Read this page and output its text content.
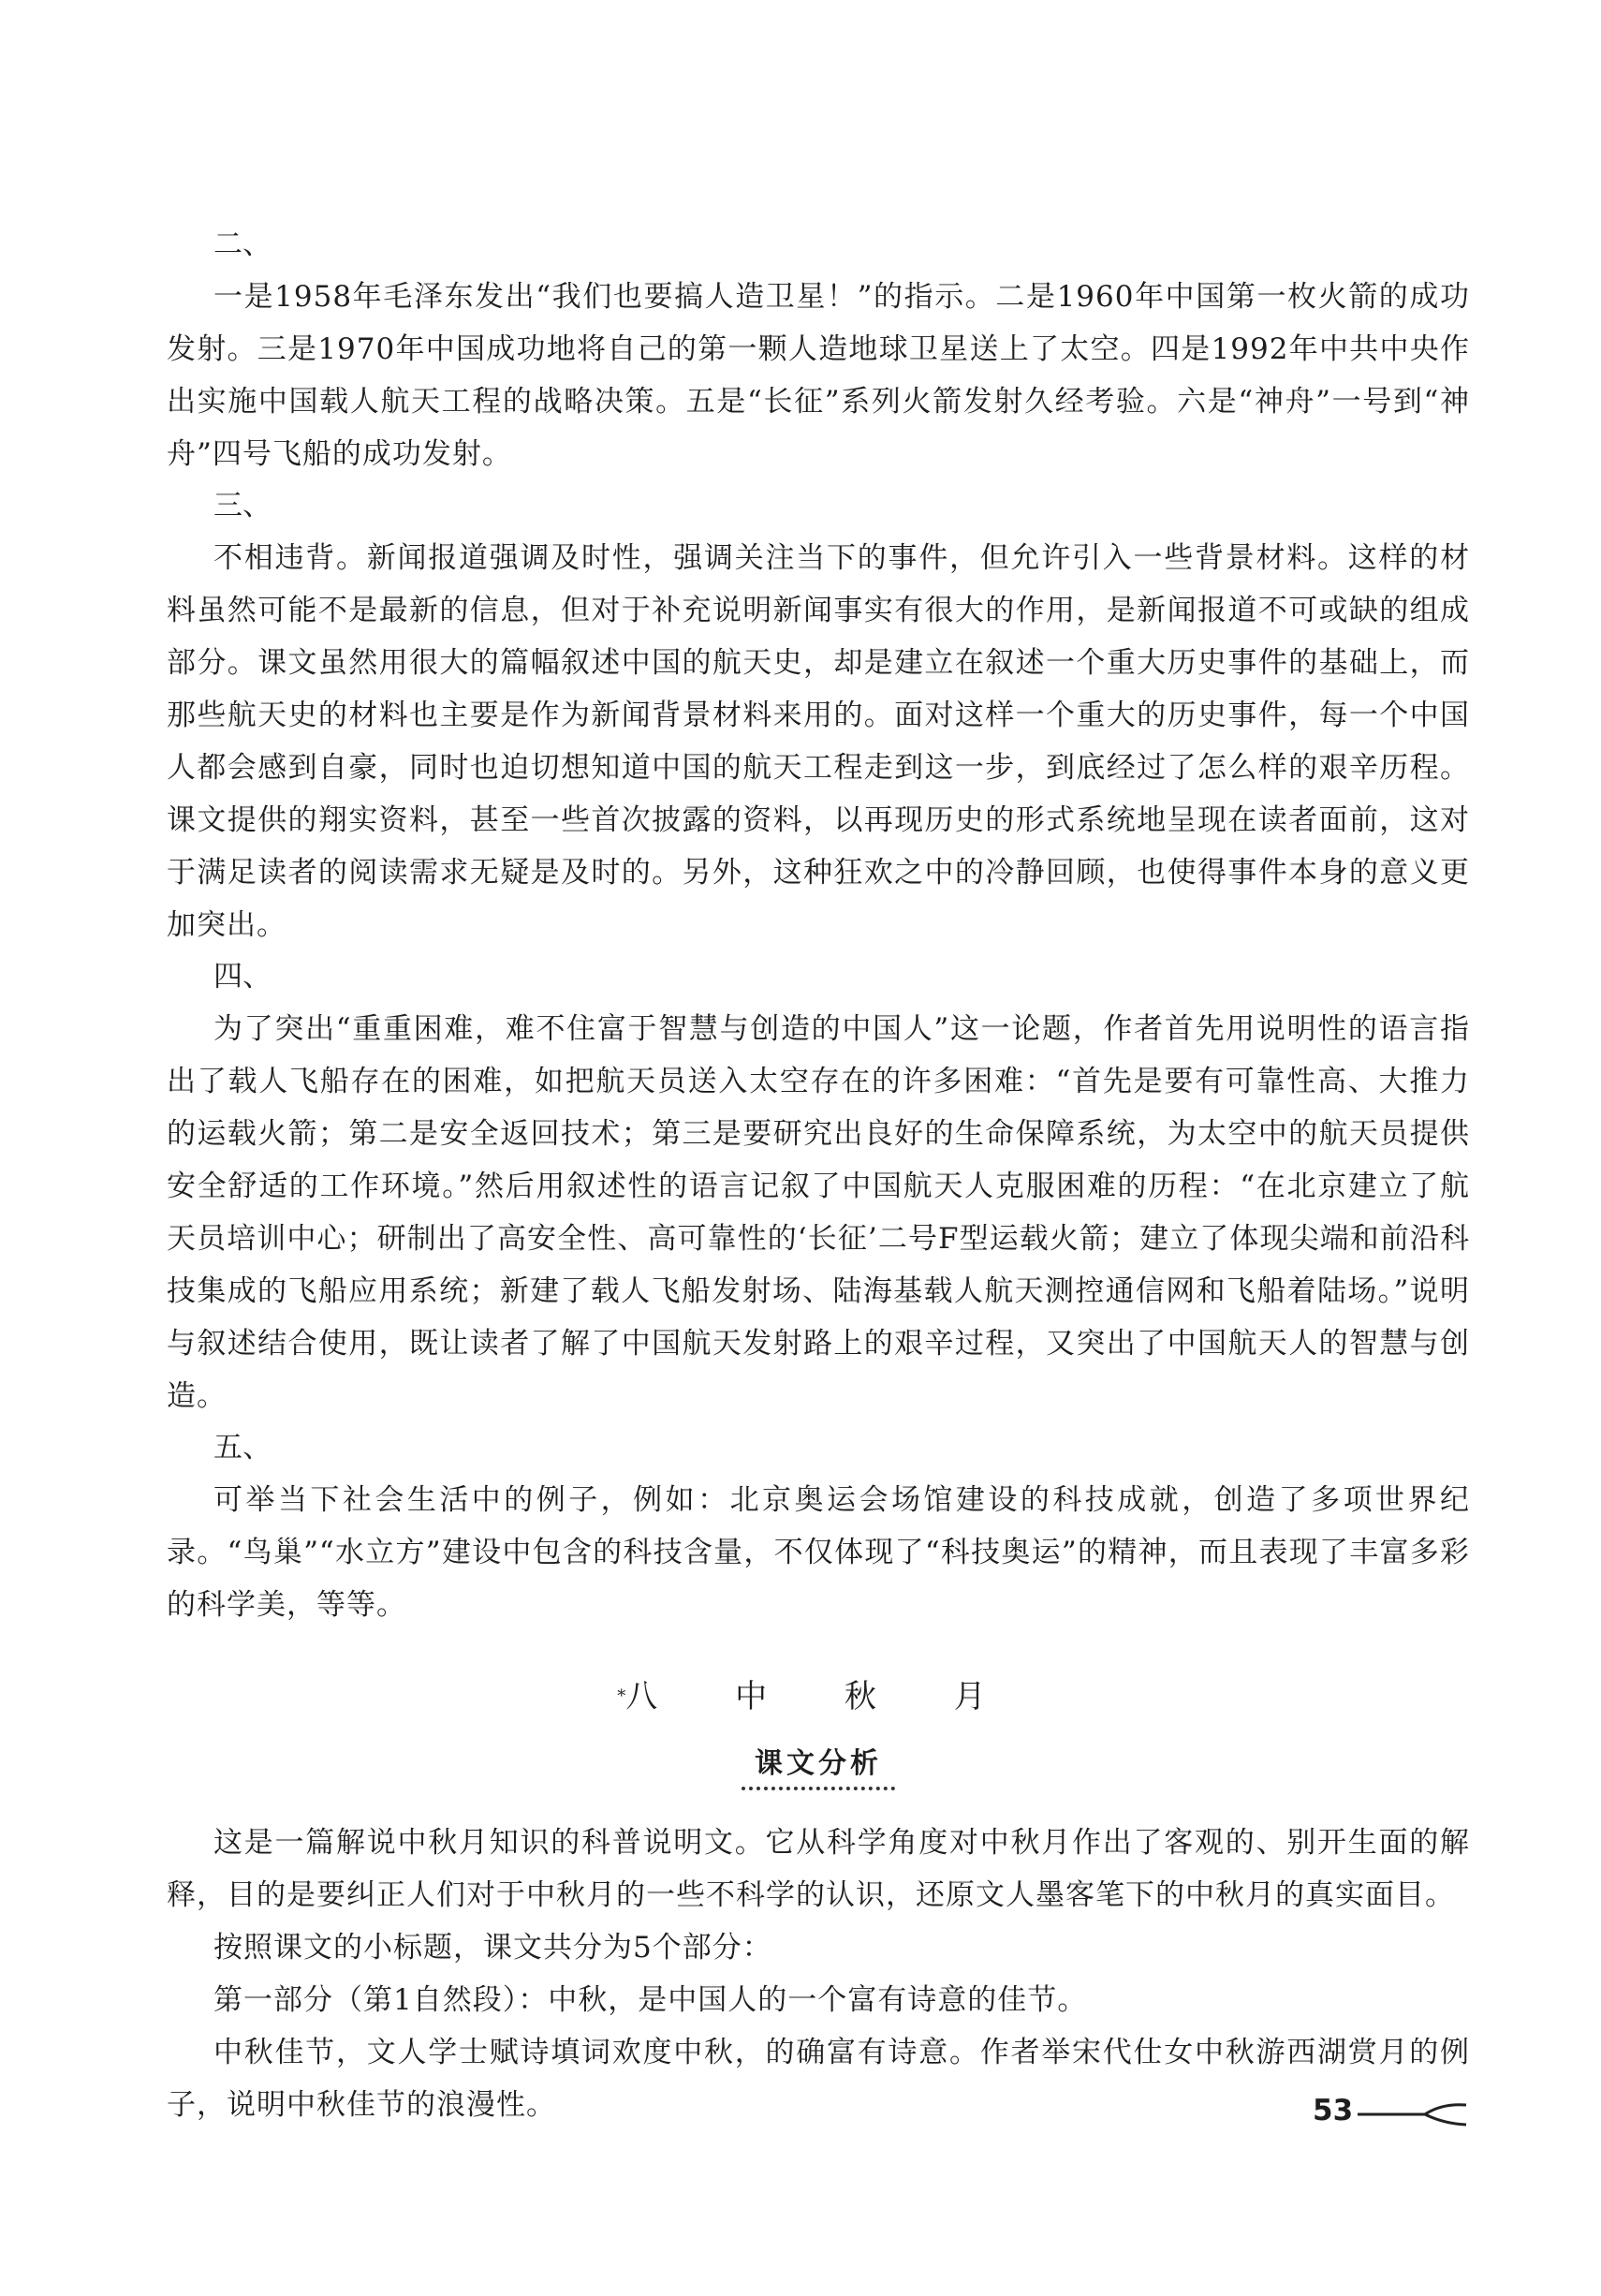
二、

一是1958年毛泽东发出“我们也要搞人造卫星！”的指示。二是1960年中国第一枚火箭的成功发射。三是1970年中国成功地将自己的第一颗人造地球卫星送上了太空。四是1992年中共中央作出实施中国载人航天工程的战略决策。五是“长征”系列火箭发射久经考验。六是“神舟”一号到“神舟”四号飞船的成功发射。

三、

不相违背。新闻报道强调及时性，强调关注当下的事件，但允许引入一些背景材料。这样的材料虽然可能不是最新的信息，但对于补充说明新闻事实有很大的作用，是新闻报道不可或缺的组成部分。课文虽然用很大的篇幅叙述中国的航天史，却是建立在叙述一个重大历史事件的基础上，而那些航天史的材料也主要是作为新闻背景材料来用的。面对这样一个重大的历史事件，每一个中国人都会感到自豪，同时也迫切想知道中国的航天工程走到这一步，到底经过了怎么样的艰辛历程。课文提供的翔实资料，甚至一些首次披露的资料，以再现历史的形式系统地呈现在读者面前，这对于满足读者的阅读需求无疑是及时的。另外，这种狂欢之中的冷静回顾，也使得事件本身的意义更加突出。

四、

为了突出“重重困难，难不住富于智慧与创造的中国人”这一论题，作者首先用说明性的语言指出了载人飞船存在的困难，如把航天员送入太空存在的许多困难：“首先是要有可靠性高、大推力的运载火箭；第二是安全返回技术；第三是要研究出良好的生命保障系统，为太空中的航天员提供安全舒适的工作环境。”然后用叙述性的语言记叙了中国航天人克服困难的历程：“在北京建立了航天员培训中心；研制出了高安全性、高可靠性的‘长征’二号F型运载火箭；建立了体现尖端和前沿科技集成的飞船应用系统；新建了载人飞船发射场、陆海基载人航天测控通信网和飞船着陆场。”说明与叙述结合使用，既让读者了解了中国航天发射路上的艰辛过程，又突出了中国航天人的智慧与创造。

五、

可举当下社会生活中的例子，例如：北京奥运会场馆建设的科技成就，创造了多项世界纪录。“鸟巢”“水立方”建设中包含的科技含量，不仅体现了“科技奥运”的精神，而且表现了丰富多彩的科学美，等等。

*八 中 秋 月
课文分析

这是一篇解说中秋月知识的科普说明文。它从科学角度对中秋月作出了客观的、别开生面的解释，目的是要纠正人们对于中秋月的一些不科学的认识，还原文人墨客笔下的中秋月的真实面目。

按照课文的小标题，课文共分为5个部分：

第一部分（第1自然段）：中秋，是中国人的一个富有诗意的佳节。

中秋佳节，文人学士赋诗填词欢度中秋，的确富有诗意。作者举宋代仕女中秋游西湖赏月的例子，说明中秋佳节的浪漫性。	53
